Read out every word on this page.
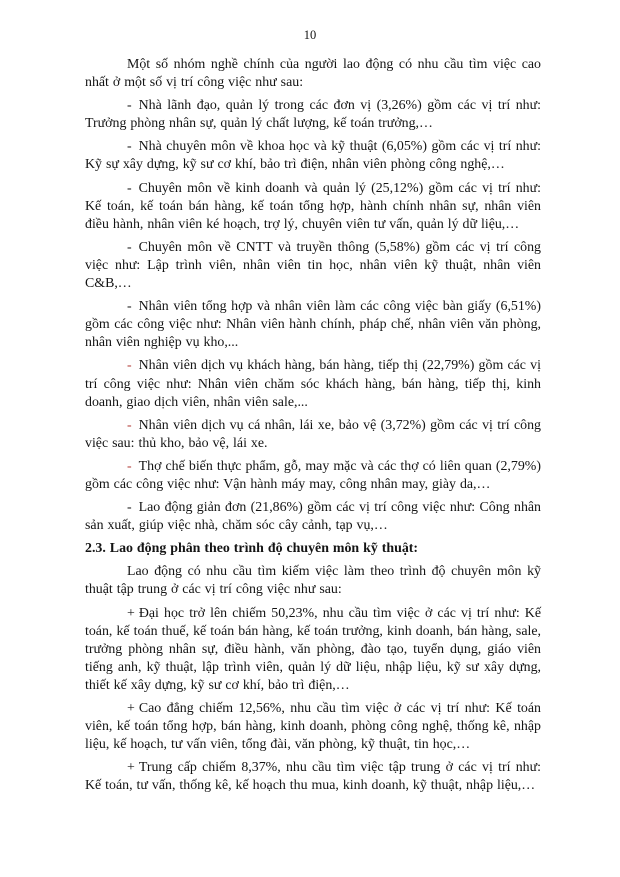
10

Một số nhóm nghề chính của người lao động có nhu cầu tìm việc cao nhất ở một số vị trí công việc như sau:

- Nhà lãnh đạo, quản lý trong các đơn vị (3,26%) gồm các vị trí như: Trưởng phòng nhân sự, quản lý chất lượng, kế toán trưởng,…

- Nhà chuyên môn về khoa học và kỹ thuật (6,05%) gồm các vị trí như: Kỹ sự xây dựng, kỹ sư cơ khí, bảo trì điện, nhân viên phòng công nghệ,…

- Chuyên môn về kinh doanh và quản lý (25,12%) gồm các vị trí như: Kế toán, kế toán bán hàng, kế toán tổng hợp, hành chính nhân sự, nhân viên điều hành, nhân viên ké hoạch, trợ lý, chuyên viên tư vấn, quản lý dữ liệu,…

- Chuyên môn về CNTT và truyền thông (5,58%) gồm các vị trí công việc như: Lập trình viên, nhân viên tin học, nhân viên kỹ thuật, nhân viên C&B,…

- Nhân viên tổng hợp và nhân viên làm các công việc bàn giấy (6,51%) gồm các công việc như: Nhân viên hành chính, pháp chế, nhân viên văn phòng, nhân viên nghiệp vụ kho,...

- Nhân viên dịch vụ khách hàng, bán hàng, tiếp thị (22,79%) gồm các vị trí công việc như: Nhân viên chăm sóc khách hàng, bán hàng, tiếp thị, kinh doanh, giao dịch viên, nhân viên sale,...

- Nhân viên dịch vụ cá nhân, lái xe, bảo vệ (3,72%) gồm các vị trí công việc sau: thủ kho, bảo vệ, lái xe.

- Thợ chế biến thực phẩm, gỗ, may mặc và các thợ có liên quan (2,79%) gồm các công việc như: Vận hành máy may, công nhân may, giày da,…

- Lao động giản đơn (21,86%) gồm các vị trí công việc như: Công nhân sản xuất, giúp việc nhà, chăm sóc cây cảnh, tạp vụ,…

2.3. Lao động phân theo trình độ chuyên môn kỹ thuật:

Lao động có nhu cầu tìm kiếm việc làm theo trình độ chuyên môn kỹ thuật tập trung ở các vị trí công việc như sau:

+ Đại học trở lên chiếm 50,23%, nhu cầu tìm việc ở các vị trí như: Kế toán, kế toán thuế, kế toán bán hàng, kế toán trưởng, kinh doanh, bán hàng, sale, trưởng phòng nhân sự, điều hành, văn phòng, đào tạo, tuyển dụng, giáo viên tiếng anh, kỹ thuật, lập trình viên, quản lý dữ liệu, nhập liệu, kỹ sư xây dựng, thiết kế xây dựng, kỹ sư cơ khí, bảo trì điện,…

+ Cao đẳng chiếm 12,56%, nhu cầu tìm việc ở các vị trí như: Kế toán viên, kế toán tổng hợp, bán hàng, kinh doanh, phòng công nghệ, thống kê, nhập liệu, kế hoạch, tư vấn viên, tổng đài, văn phòng, kỹ thuật, tin học,…

+ Trung cấp chiếm 8,37%, nhu cầu tìm việc tập trung ở các vị trí như: Kế toán, tư vấn, thống kê, kế hoạch thu mua, kinh doanh, kỹ thuật, nhập liệu,…
